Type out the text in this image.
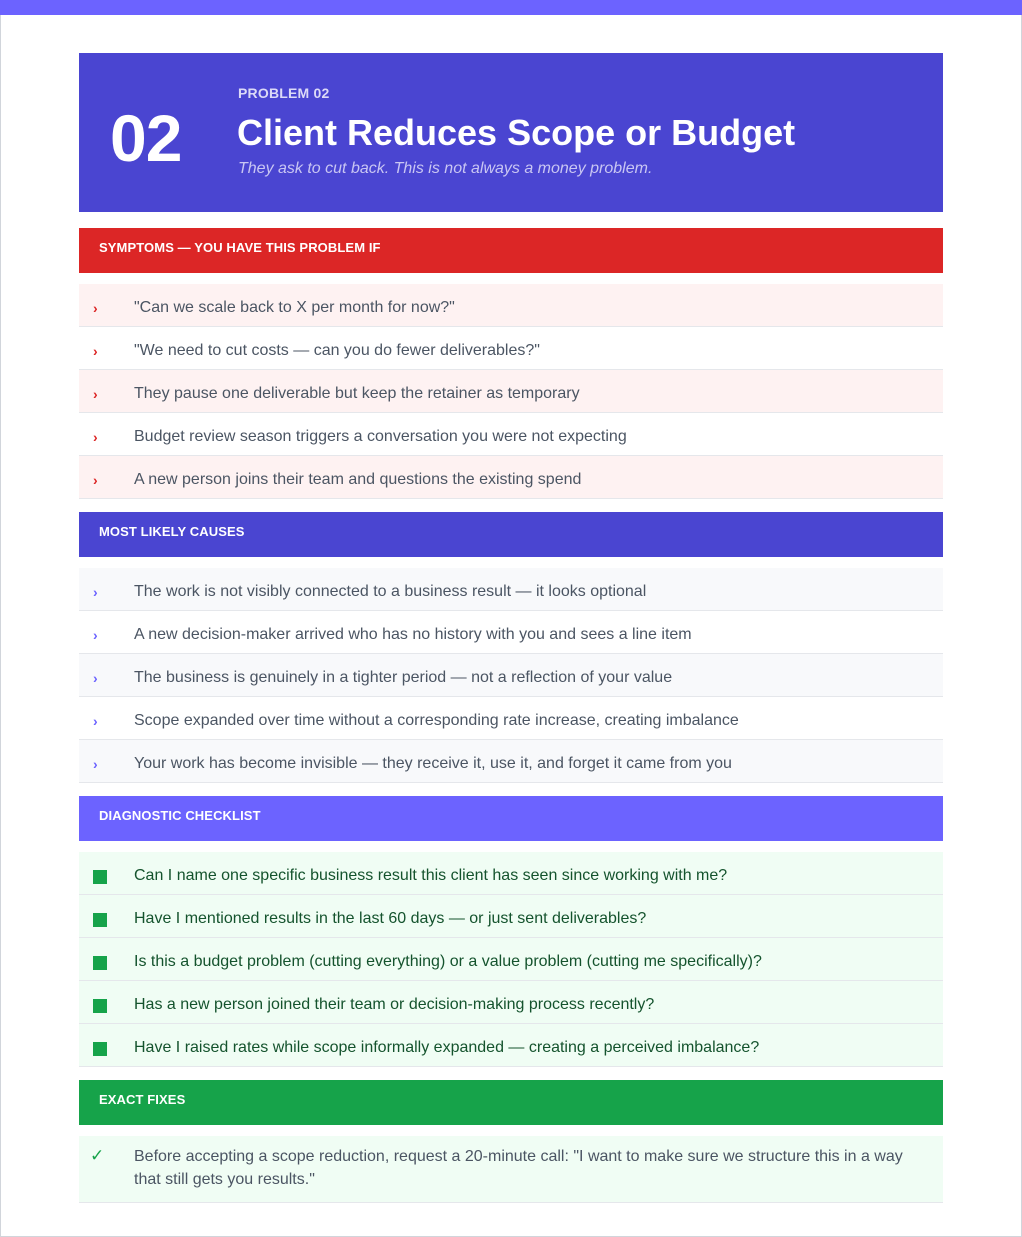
02
PROBLEM 02
Client Reduces Scope or Budget
They ask to cut back. This is not always a money problem.
SYMPTOMS — YOU HAVE THIS PROBLEM IF
› "Can we scale back to X per month for now?"
› "We need to cut costs — can you do fewer deliverables?"
› They pause one deliverable but keep the retainer as temporary
› Budget review season triggers a conversation you were not expecting
› A new person joins their team and questions the existing spend
MOST LIKELY CAUSES
› The work is not visibly connected to a business result — it looks optional
› A new decision-maker arrived who has no history with you and sees a line item
› The business is genuinely in a tighter period — not a reflection of your value
› Scope expanded over time without a corresponding rate increase, creating imbalance
› Your work has become invisible — they receive it, use it, and forget it came from you
DIAGNOSTIC CHECKLIST
Can I name one specific business result this client has seen since working with me?
Have I mentioned results in the last 60 days — or just sent deliverables?
Is this a budget problem (cutting everything) or a value problem (cutting me specifically)?
Has a new person joined their team or decision-making process recently?
Have I raised rates while scope informally expanded — creating a perceived imbalance?
EXACT FIXES
✓ Before accepting a scope reduction, request a 20-minute call: "I want to make sure we structure this in a way that still gets you results."
